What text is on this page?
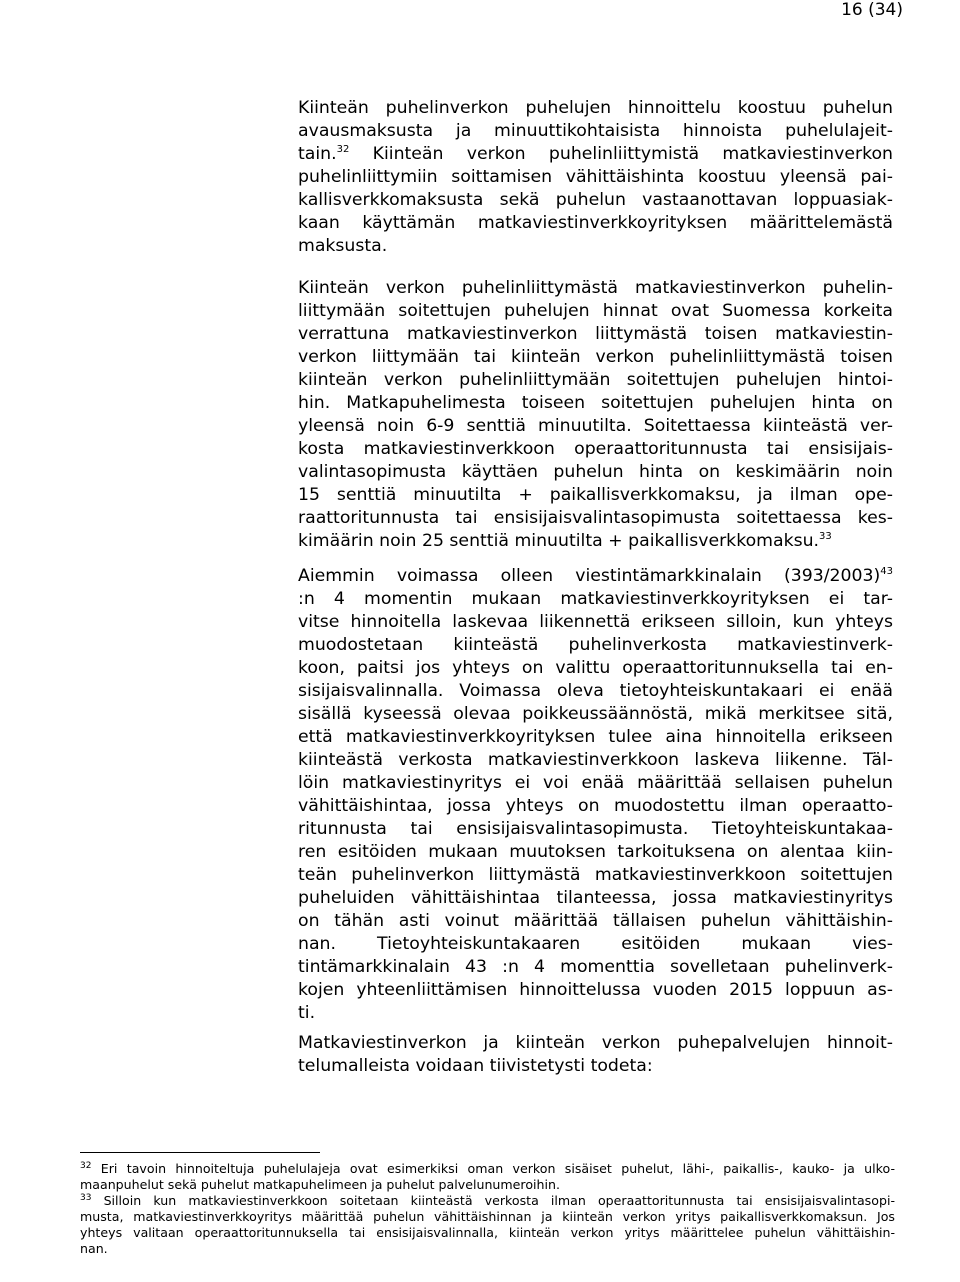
16 (34)
Kiinteän puhelinverkon puhelujen hinnoittelu koostuu puhelun
avausmaksusta ja minuuttikohtaisista hinnoista puhelulajeit-
tain.$^{32}$ Kiinteän verkon puhelinliittymistä matkaviestinverkon
puhelinliittymiin soittamisen vähittäishinta koostuu yleensä pai-
kallisverkkomaksusta sekä puhelun vastaanottavan loppuasiak-
kaan käyttämän matkaviestinverkkoyrityksen määrittelemästä
maksusta.
Kiinteän verkon puhelinliittymästä matkaviestinverkon puhelin-
liittymään soitettujen puhelujen hinnat ovat Suomessa korkeita
verrattuna matkaviestinverkon liittymästä toisen matkaviestin-
verkon liittymään tai kiinteän verkon puhelinliittymästä toisen
kiinteän verkon puhelinliittymään soitettujen puhelujen hintoi-
hin. Matkapuhelimesta toiseen soitettujen puhelujen hinta on
yleensä noin 6-9 senttiä minuutilta. Soitettaessa kiinteästä ver-
kosta matkaviestinverkkoon operaattoritunnusta tai ensisijais-
valintasopimusta käyttäen puhelun hinta on keskimäärin noin
15 senttiä minuutilta + paikallisverkkomaksu, ja ilman ope-
raattoritunnusta tai ensisijaisvalintasopimusta soitettaessa kes-
kimäärin noin 25 senttiä minuutilta + paikallisverkkomaksu.$^{33}$
Aiemmin voimassa olleen viestintämarkkinalain $(393/2003)^{43}$
:n 4 momentin mukaan matkaviestinverkkoyrityksen ei tar-
vitse hinnoitella laskevaa liikennettä erikseen silloin, kun yhteys
muodostetaan kiinteästä puhelinverkosta matkaviestinverk-
koon, paitsi jos yhteys on valittu operaattoritunnuksella tai en-
sisijaisvalinnalla. Voimassa oleva tietoyhteiskuntakaari ei enää
sisällä kyseessä olevaa poikkeussäännöstä, mikä merkitsee sitä,
että matkaviestinverkkoyrityksen tulee aina hinnoitella erikseen
kiinteästä verkosta matkaviestinverkkoon laskeva liikenne. Täl-
löin matkaviestinyritys ei voi enää määrittää sellaisen puhelun
vähittäishintaa, jossa yhteys on muodostettu ilman operaatto-
ritunnusta tai ensisijaisvalintasopimusta. Tietoyhteiskuntakaa-
ren esitöiden mukaan muutoksen tarkoituksena on alentaa kiin-
teän puhelinverkon liittymästä matkaviestinverkkoon soitettujen
puheluiden vähittäishintaa tilanteessa, jossa matkaviestinyritys
on tähän asti voinut määrittää tällaisen puhelun vähittäishin-
nan. Tietoyhteiskuntakaaren esitöiden mukaan vies-
tintämarkkinalain 43 :n 4 momenttia sovelletaan puhelinverk-
kojen yhteenliittämisen hinnoittelussa vuoden 2015 loppuun as-
ti.
Matkaviestinverkon ja kiinteän verkon puhepalvelujen hinnoit-
telumalleista voidaan tiivistetysti todeta:
$^{32}$ Eri tavoin hinnoiteltuja puhelulajeja ovat esimerkiksi oman verkon sisäiset puhelut, lähi-, paikallis-, kauko- ja ulko-
maanpuhelut sekä puhelut matkapuhelimeen ja puhelut palvelunumeroihin.
$^{33}$ Silloin kun matkaviestinverkkoon soitetaan kiinteästä verkosta ilman operaattoritunnusta tai ensisijaisvalintasopi-
musta, matkaviestinverkkoyritys määrittää puhelun vähittäishinnan ja kiinteän verkon yritys paikallisverkkomaksun. Jos
yhteys valitaan operaattoritunnuksella tai ensisijaisvalinnalla, kiinteän verkon yritys määrittelee puhelun vähittäishin-
nan.
